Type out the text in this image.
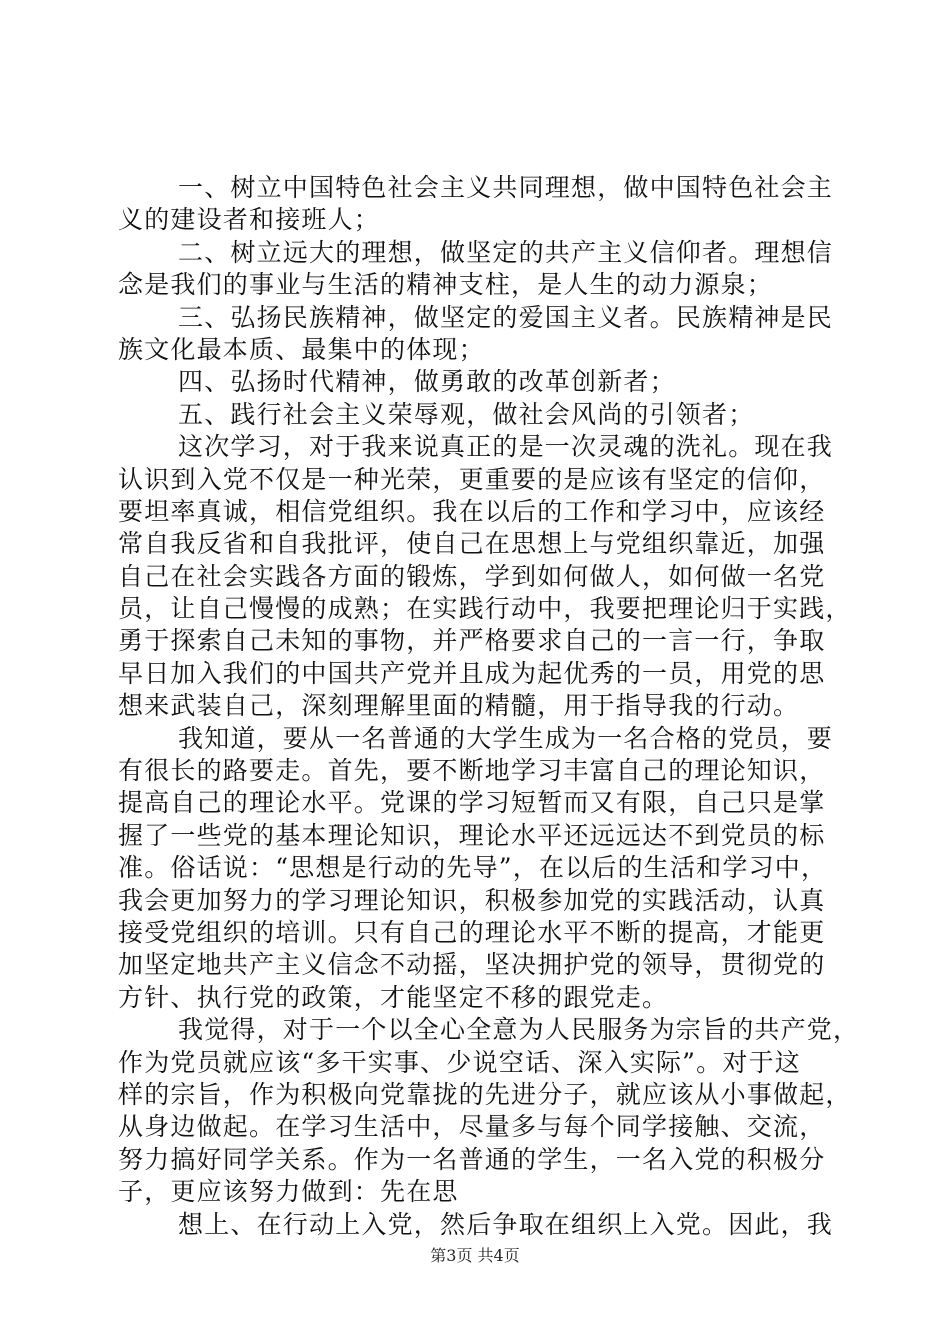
一、树立中国特色社会主义共同理想，做中国特色社会主
义的建设者和接班人；
二、树立远大的理想，做坚定的共产主义信仰者。理想信
念是我们的事业与生活的精神支柱，是人生的动力源泉；
三、弘扬民族精神，做坚定的爱国主义者。民族精神是民
族文化最本质、最集中的体现；
四、弘扬时代精神，做勇敢的改革创新者；
五、践行社会主义荣辱观，做社会风尚的引领者；
这次学习，对于我来说真正的是一次灵魂的洗礼。现在我
认识到入党不仅是一种光荣，更重要的是应该有坚定的信仰，
要坦率真诚，相信党组织。我在以后的工作和学习中，应该经
常自我反省和自我批评，使自己在思想上与党组织靠近，加强
自己在社会实践各方面的锻炼，学到如何做人，如何做一名党
员，让自己慢慢的成熟；在实践行动中，我要把理论归于实践，
勇于探索自己未知的事物，并严格要求自己的一言一行，争取
早日加入我们的中国共产党并且成为起优秀的一员，用党的思
想来武装自己，深刻理解里面的精髓，用于指导我的行动。
我知道，要从一名普通的大学生成为一名合格的党员，要
有很长的路要走。首先，要不断地学习丰富自己的理论知识，
提高自己的理论水平。党课的学习短暂而又有限，自己只是掌
握了一些党的基本理论知识，理论水平还远远达不到党员的标
准。俗话说：“思想是行动的先导”，在以后的生活和学习中，
我会更加努力的学习理论知识，积极参加党的实践活动，认真
接受党组织的培训。只有自己的理论水平不断的提高，才能更
加坚定地共产主义信念不动摇，坚决拥护党的领导，贯彻党的
方针、执行党的政策，才能坚定不移的跟党走。
我觉得，对于一个以全心全意为人民服务为宗旨的共产党，
作为党员就应该“多干实事、少说空话、深入实际”。对于这
样的宗旨，作为积极向党靠拢的先进分子，就应该从小事做起，
从身边做起。在学习生活中，尽量多与每个同学接触、交流，
努力搞好同学关系。作为一名普通的学生，一名入党的积极分
子，更应该努力做到：先在思
想上、在行动上入党，然后争取在组织上入党。因此，我
第3页 共4页
